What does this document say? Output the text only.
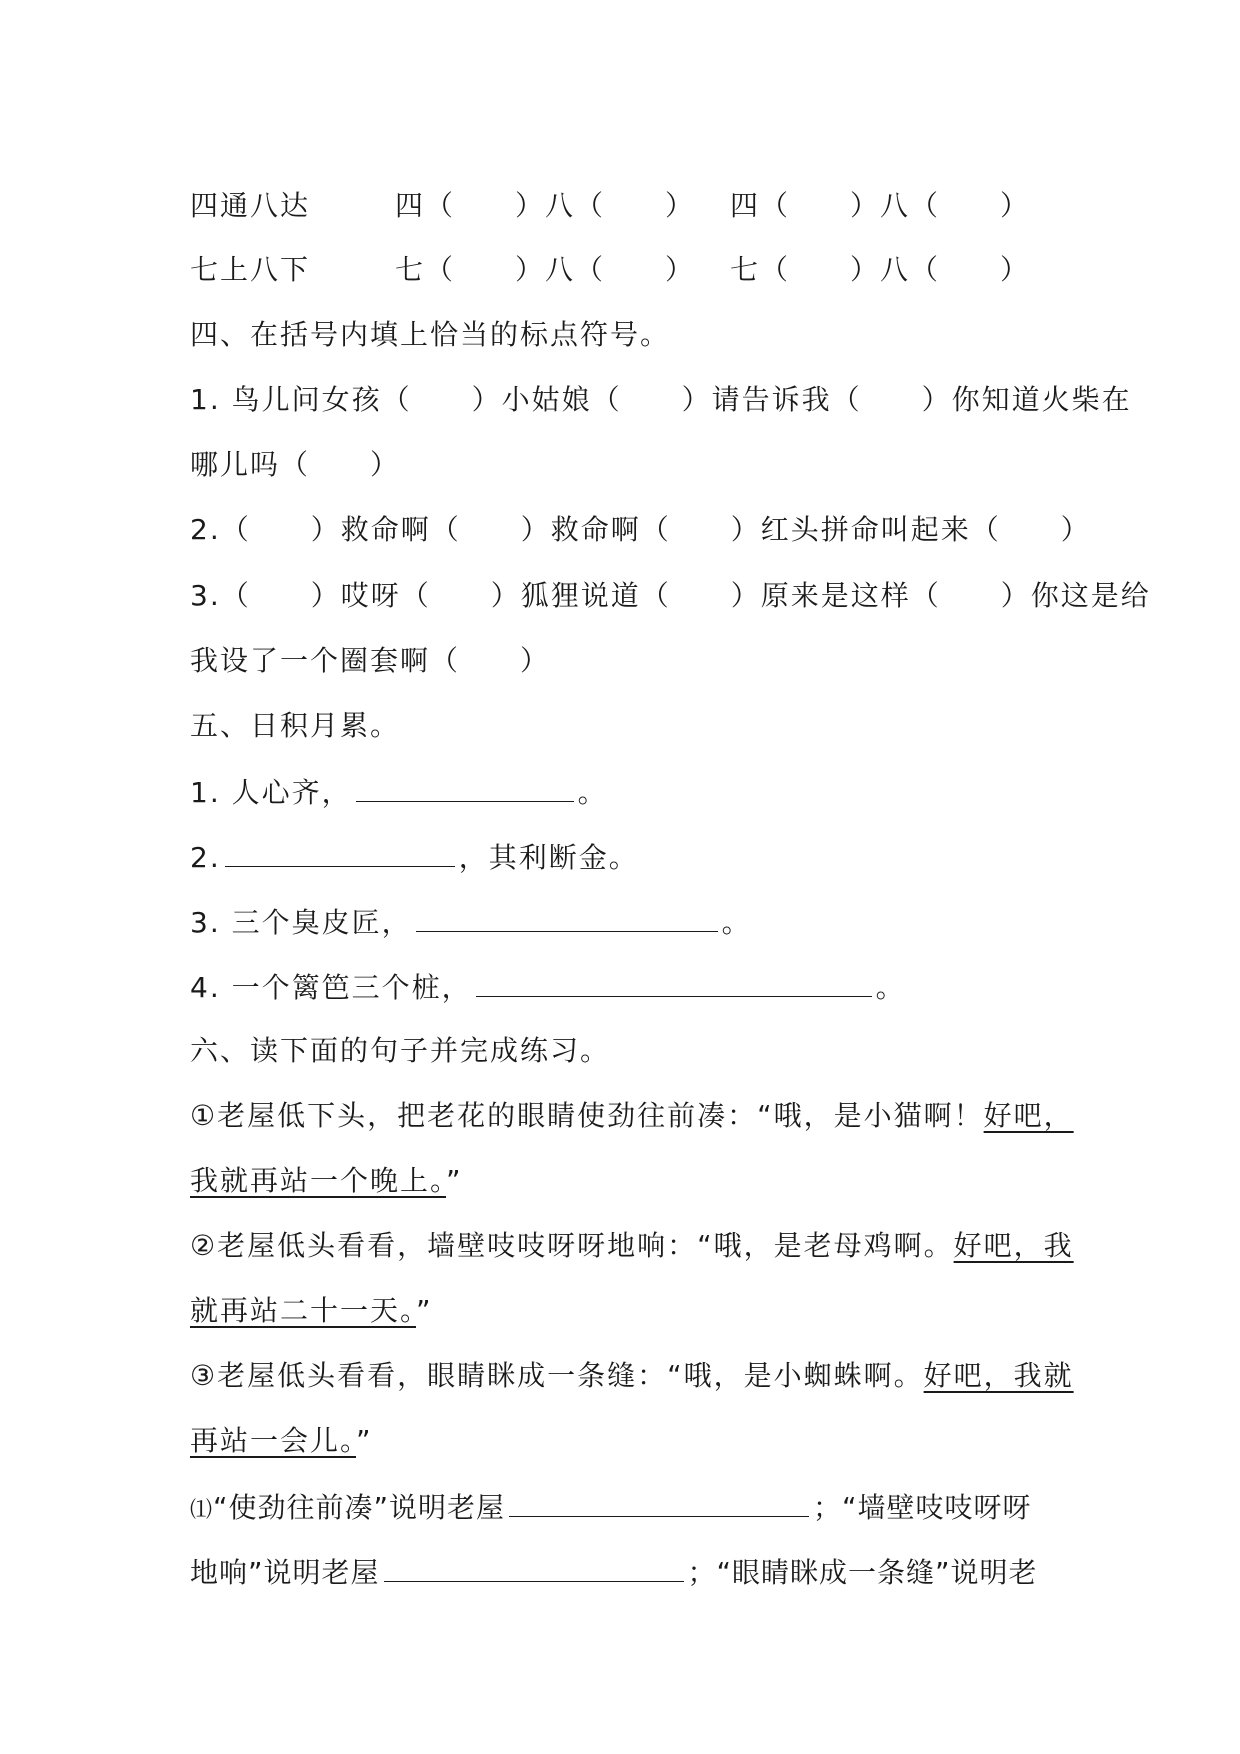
四通八达	四（　　）八（　　） 四（　　）八（　　）
七上八下	七（　　）八（　　） 七（　　）八（　　）
四、在括号内填上恰当的标点符号。
1. 鸟儿问女孩（　　）小姑娘（　　）请告诉我（　　）你知道火柴在
哪儿吗（　　）
2.（　　）救命啊（　　）救命啊（　　）红头拼命叫起来（　　）
3.（　　）哎呀（　　）狐狸说道（　　）原来是这样（　　）你这是给
我设了一个圈套啊（　　）
五、日积月累。
1. 人心齐，	。
2.	，其利断金。
3. 三个臭皮匠，	。
4. 一个篱笆三个桩，	。
六、读下面的句子并完成练习。
①老屋低下头，把老花的眼睛使劲往前凑：“哦，是小猫啊！好吧，
我就再站一个晚上。”
②老屋低头看看，墙壁吱吱呀呀地响：“哦，是老母鸡啊。好吧，我
就再站二十一天。”
③老屋低头看看，眼睛眯成一条缝：“哦，是小蜘蛛啊。好吧，我就
再站一会儿。”
⑴“使劲往前凑”说明老屋	；“墙壁吱吱呀呀
地响”说明老屋	；“眼睛眯成一条缝”说明老
